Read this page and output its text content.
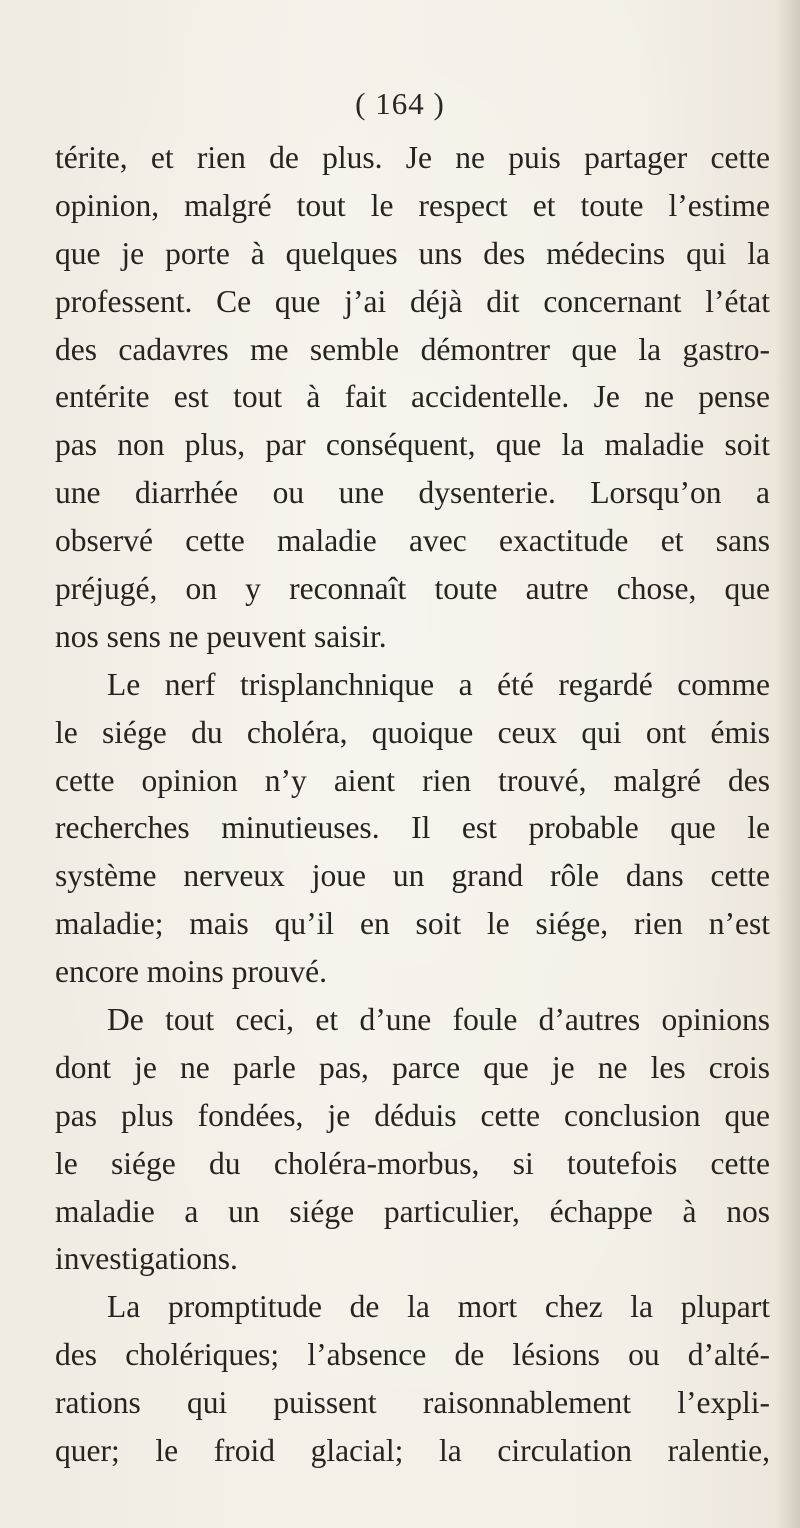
( 164 )
térite, et rien de plus. Je ne puis partager cette
opinion, malgré tout le respect et toute l’estime
que je porte à quelques uns des médecins qui la
professent. Ce que j’ai déjà dit concernant l’état
des cadavres me semble démontrer que la gastro-
entérite est tout à fait accidentelle. Je ne pense
pas non plus, par conséquent, que la maladie soit
une diarrhée ou une dysenterie. Lorsqu’on a
observé cette maladie avec exactitude et sans
préjugé, on y reconnaît toute autre chose, que
nos sens ne peuvent saisir.
Le nerf trisplanchnique a été regardé comme
le siége du choléra, quoique ceux qui ont émis
cette opinion n’y aient rien trouvé, malgré des
recherches minutieuses. Il est probable que le
système nerveux joue un grand rôle dans cette
maladie; mais qu’il en soit le siége, rien n’est
encore moins prouvé.
De tout ceci, et d’une foule d’autres opinions
dont je ne parle pas, parce que je ne les crois
pas plus fondées, je déduis cette conclusion que
le siége du choléra-morbus, si toutefois cette
maladie a un siége particulier, échappe à nos
investigations.
La promptitude de la mort chez la plupart
des cholériques; l’absence de lésions ou d’alté-
rations qui puissent raisonnablement l’expli-
quer; le froid glacial; la circulation ralentie,
